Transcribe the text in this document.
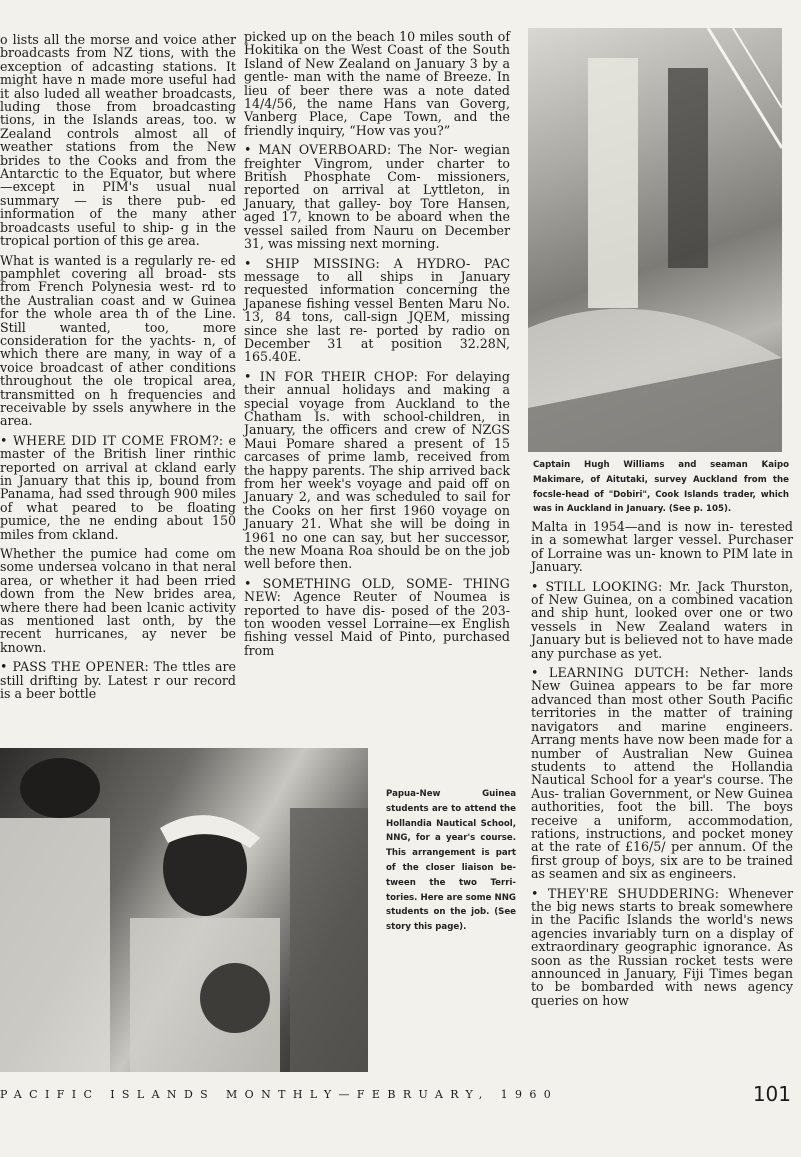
o lists all the morse and voice ather broadcasts from NZ tions, with the exception of adcasting stations. It might have n made more useful had it also luded all weather broadcasts, luding those from broadcasting tions, in the Islands areas, too. w Zealand controls almost all of weather stations from the New brides to the Cooks and from the Antarctic to the Equator, but where—except in PIM's usual nual summary — is there pub- ed information of the many ather broadcasts useful to ship- g in the tropical portion of this ge area.

What is wanted is a regularly re- ed pamphlet covering all broad- sts from French Polynesia west- rd to the Australian coast and w Guinea for the whole area th of the Line. Still wanted, too, more consideration for the yachts- n, of which there are many, in way of a voice broadcast of ather conditions throughout the ole tropical area, transmitted on h frequencies and receivable by ssels anywhere in the area.

• WHERE DID IT COME FROM?: e master of the British liner rinthic reported on arrival at ckland early in January that this ip, bound from Panama, had ssed through 900 miles of what peared to be floating pumice, the ne ending about 150 miles from ckland.

Whether the pumice had come om some undersea volcano in that neral area, or whether it had been rried down from the New brides area, where there had been lcanic activity as mentioned last onth, by the recent hurricanes, ay never be known.

• PASS THE OPENER: The ttles are still drifting by. Latest r our record is a beer bottle

picked up on the beach 10 miles south of Hokitika on the West Coast of the South Island of New Zealand on January 3 by a gentle- man with the name of Breeze. In lieu of beer there was a note dated 14/4/56, the name Hans van Goverg, Vanberg Place, Cape Town, and the friendly inquiry, “How vas you?”

• MAN OVERBOARD: The Nor- wegian freighter Vingrom, under charter to British Phosphate Com- missioners, reported on arrival at Lyttleton, in January, that galley- boy Tore Hansen, aged 17, known to be aboard when the vessel sailed from Nauru on December 31, was missing next morning.

• SHIP MISSING: A HYDRO- PAC message to all ships in January requested information concerning the Japanese fishing vessel Benten Maru No. 13, 84 tons, call-sign JQEM, missing since she last re- ported by radio on December 31 at position 32.28N, 165.40E.

• IN FOR THEIR CHOP: For delaying their annual holidays and making a special voyage from Auckland to the Chatham Is. with school-children, in January, the officers and crew of NZGS Maui Pomare shared a present of 15 carcases of prime lamb, received from the happy parents. The ship arrived back from her week's voyage and paid off on January 2, and was scheduled to sail for the Cooks on her first 1960 voyage on January 21. What she will be doing in 1961 no one can say, but her successor, the new Moana Roa should be on the job well before then.

• SOMETHING OLD, SOME- THING NEW: Agence Reuter of Noumea is reported to have dis- posed of the 203-ton wooden vessel Lorraine—ex English fishing vessel Maid of Pinto, purchased from

Captain Hugh Williams and seaman Kaipo Makimare, of Aitutaki, survey Auckland from the focsle-head of "Dobiri", Cook Islands trader, which was in Auckland in January. (See p. 105).

Malta in 1954—and is now in- terested in a somewhat larger vessel. Purchaser of Lorraine was un- known to PIM late in January.

• STILL LOOKING: Mr. Jack Thurston, of New Guinea, on a combined vacation and ship hunt, looked over one or two vessels in New Zealand waters in January but is believed not to have made any purchase as yet.

• LEARNING DUTCH: Nether- lands New Guinea appears to be far more advanced than most other South Pacific territories in the matter of training navigators and marine engineers. Arrang ments have now been made for a number of Australian New Guinea students to attend the Hollandia Nautical School for a year's course. The Aus- tralian Government, or New Guinea authorities, foot the bill. The boys receive a uniform, accommodation, rations, instructions, and pocket money at the rate of £16/5/ per annum. Of the first group of boys, six are to be trained as seamen and six as engineers.

• THEY'RE SHUDDERING: Whenever the big news starts to break somewhere in the Pacific Islands the world's news agencies invariably turn on a display of extraordinary geographic ignorance. As soon as the Russian rocket tests were announced in January, Fiji Times began to be bombarded with news agency queries on how

Papua-New Guinea students are to attend the Hollandia Nautical School, NNG, for a year's course. This arrangement is part of the closer liaison be- tween the two Terri- tories. Here are some NNG students on the job. (See story this page).
PACIFIC ISLANDS MONTHLY—FEBRUARY, 1960	101
